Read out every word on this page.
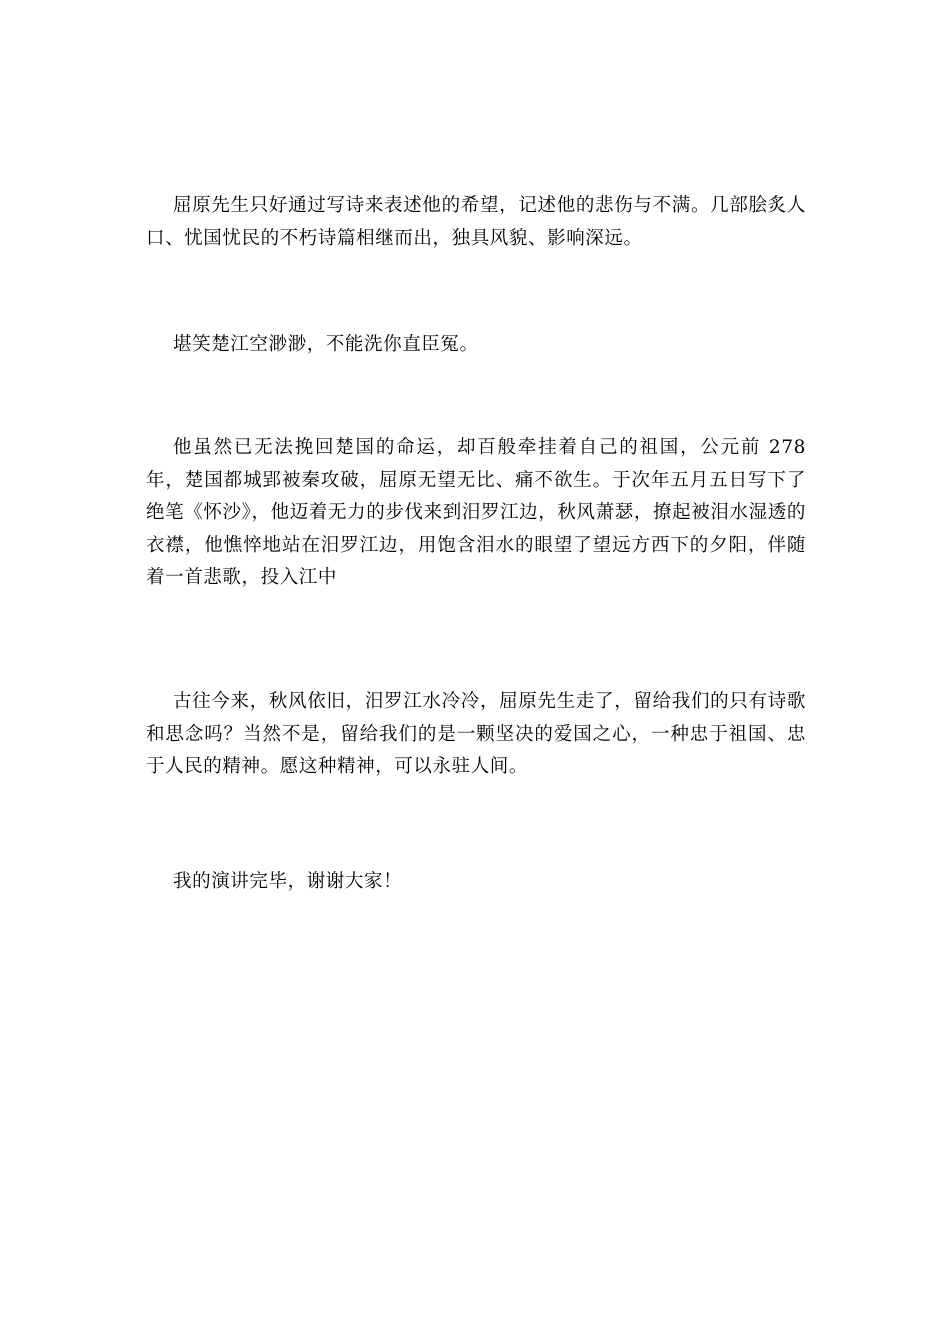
屈原先生只好通过写诗来表述他的希望，记述他的悲伤与不满。几部脍炙人口、忧国忧民的不朽诗篇相继而出，独具风貌、影响深远。

堪笑楚江空渺渺，不能洗你直臣冤。

他虽然已无法挽回楚国的命运，却百般牵挂着自己的祖国，公元前 278 年，楚国都城郢被秦攻破，屈原无望无比、痛不欲生。于次年五月五日写下了绝笔《怀沙》，他迈着无力的步伐来到汨罗江边，秋风萧瑟，撩起被泪水湿透的衣襟，他憔悴地站在汨罗江边，用饱含泪水的眼望了望远方西下的夕阳，伴随着一首悲歌，投入江中

古往今来，秋风依旧，汨罗江水冷冷，屈原先生走了，留给我们的只有诗歌和思念吗？当然不是，留给我们的是一颗坚决的爱国之心，一种忠于祖国、忠于人民的精神。愿这种精神，可以永驻人间。

我的演讲完毕，谢谢大家！
